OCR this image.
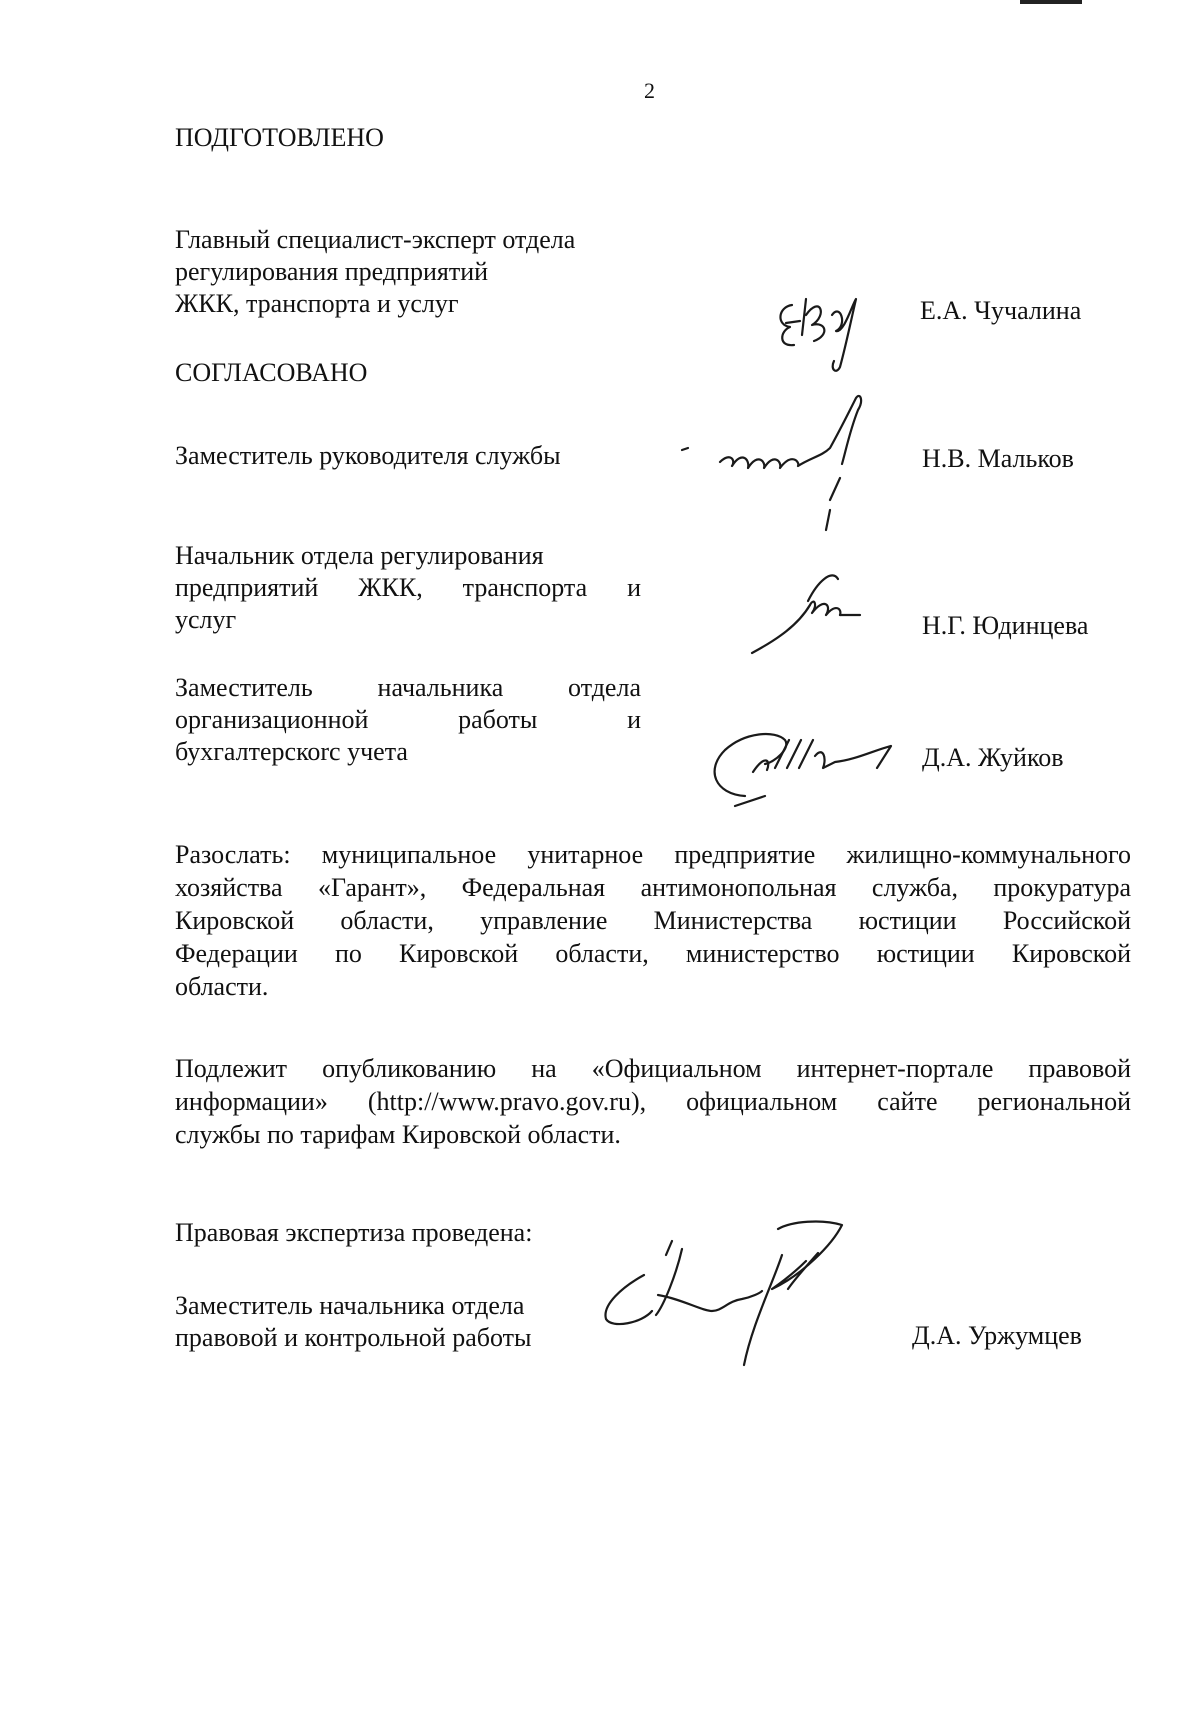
2
ПОДГОТОВЛЕНО
Главный специалист-эксперт отдела
регулирования предприятий
ЖКК, транспорта и услуг	Е.А. Чучалина
СОГЛАСОВАНО
Заместитель руководителя службы	Н.В. Мальков
Начальник отдела регулирования
предприятий ЖКК, транспорта и
услуг	Н.Г. Юдинцева
Заместитель начальника отдела
организационной работы и
бухгалтерскоrc учета	Д.А. Жуйков
Разослать: муниципальное унитарное предприятие жилищно-коммунального
хозяйства «Гарант», Федеральная антимонопольная служба, прокуратура
Кировской области, управление Министерства юстиции Российской
Федерации по Кировской области, министерство юстиции Кировской
области.
Подлежит опубликованию на «Официальном интернет-портале правовой
информации» (http://www.pravo.gov.ru), официальном сайте региональной
службы по тарифам Кировской области.
Правовая экспертиза проведена:
Заместитель начальника отдела
правовой и контрольной работы	Д.А. Уржумцев
